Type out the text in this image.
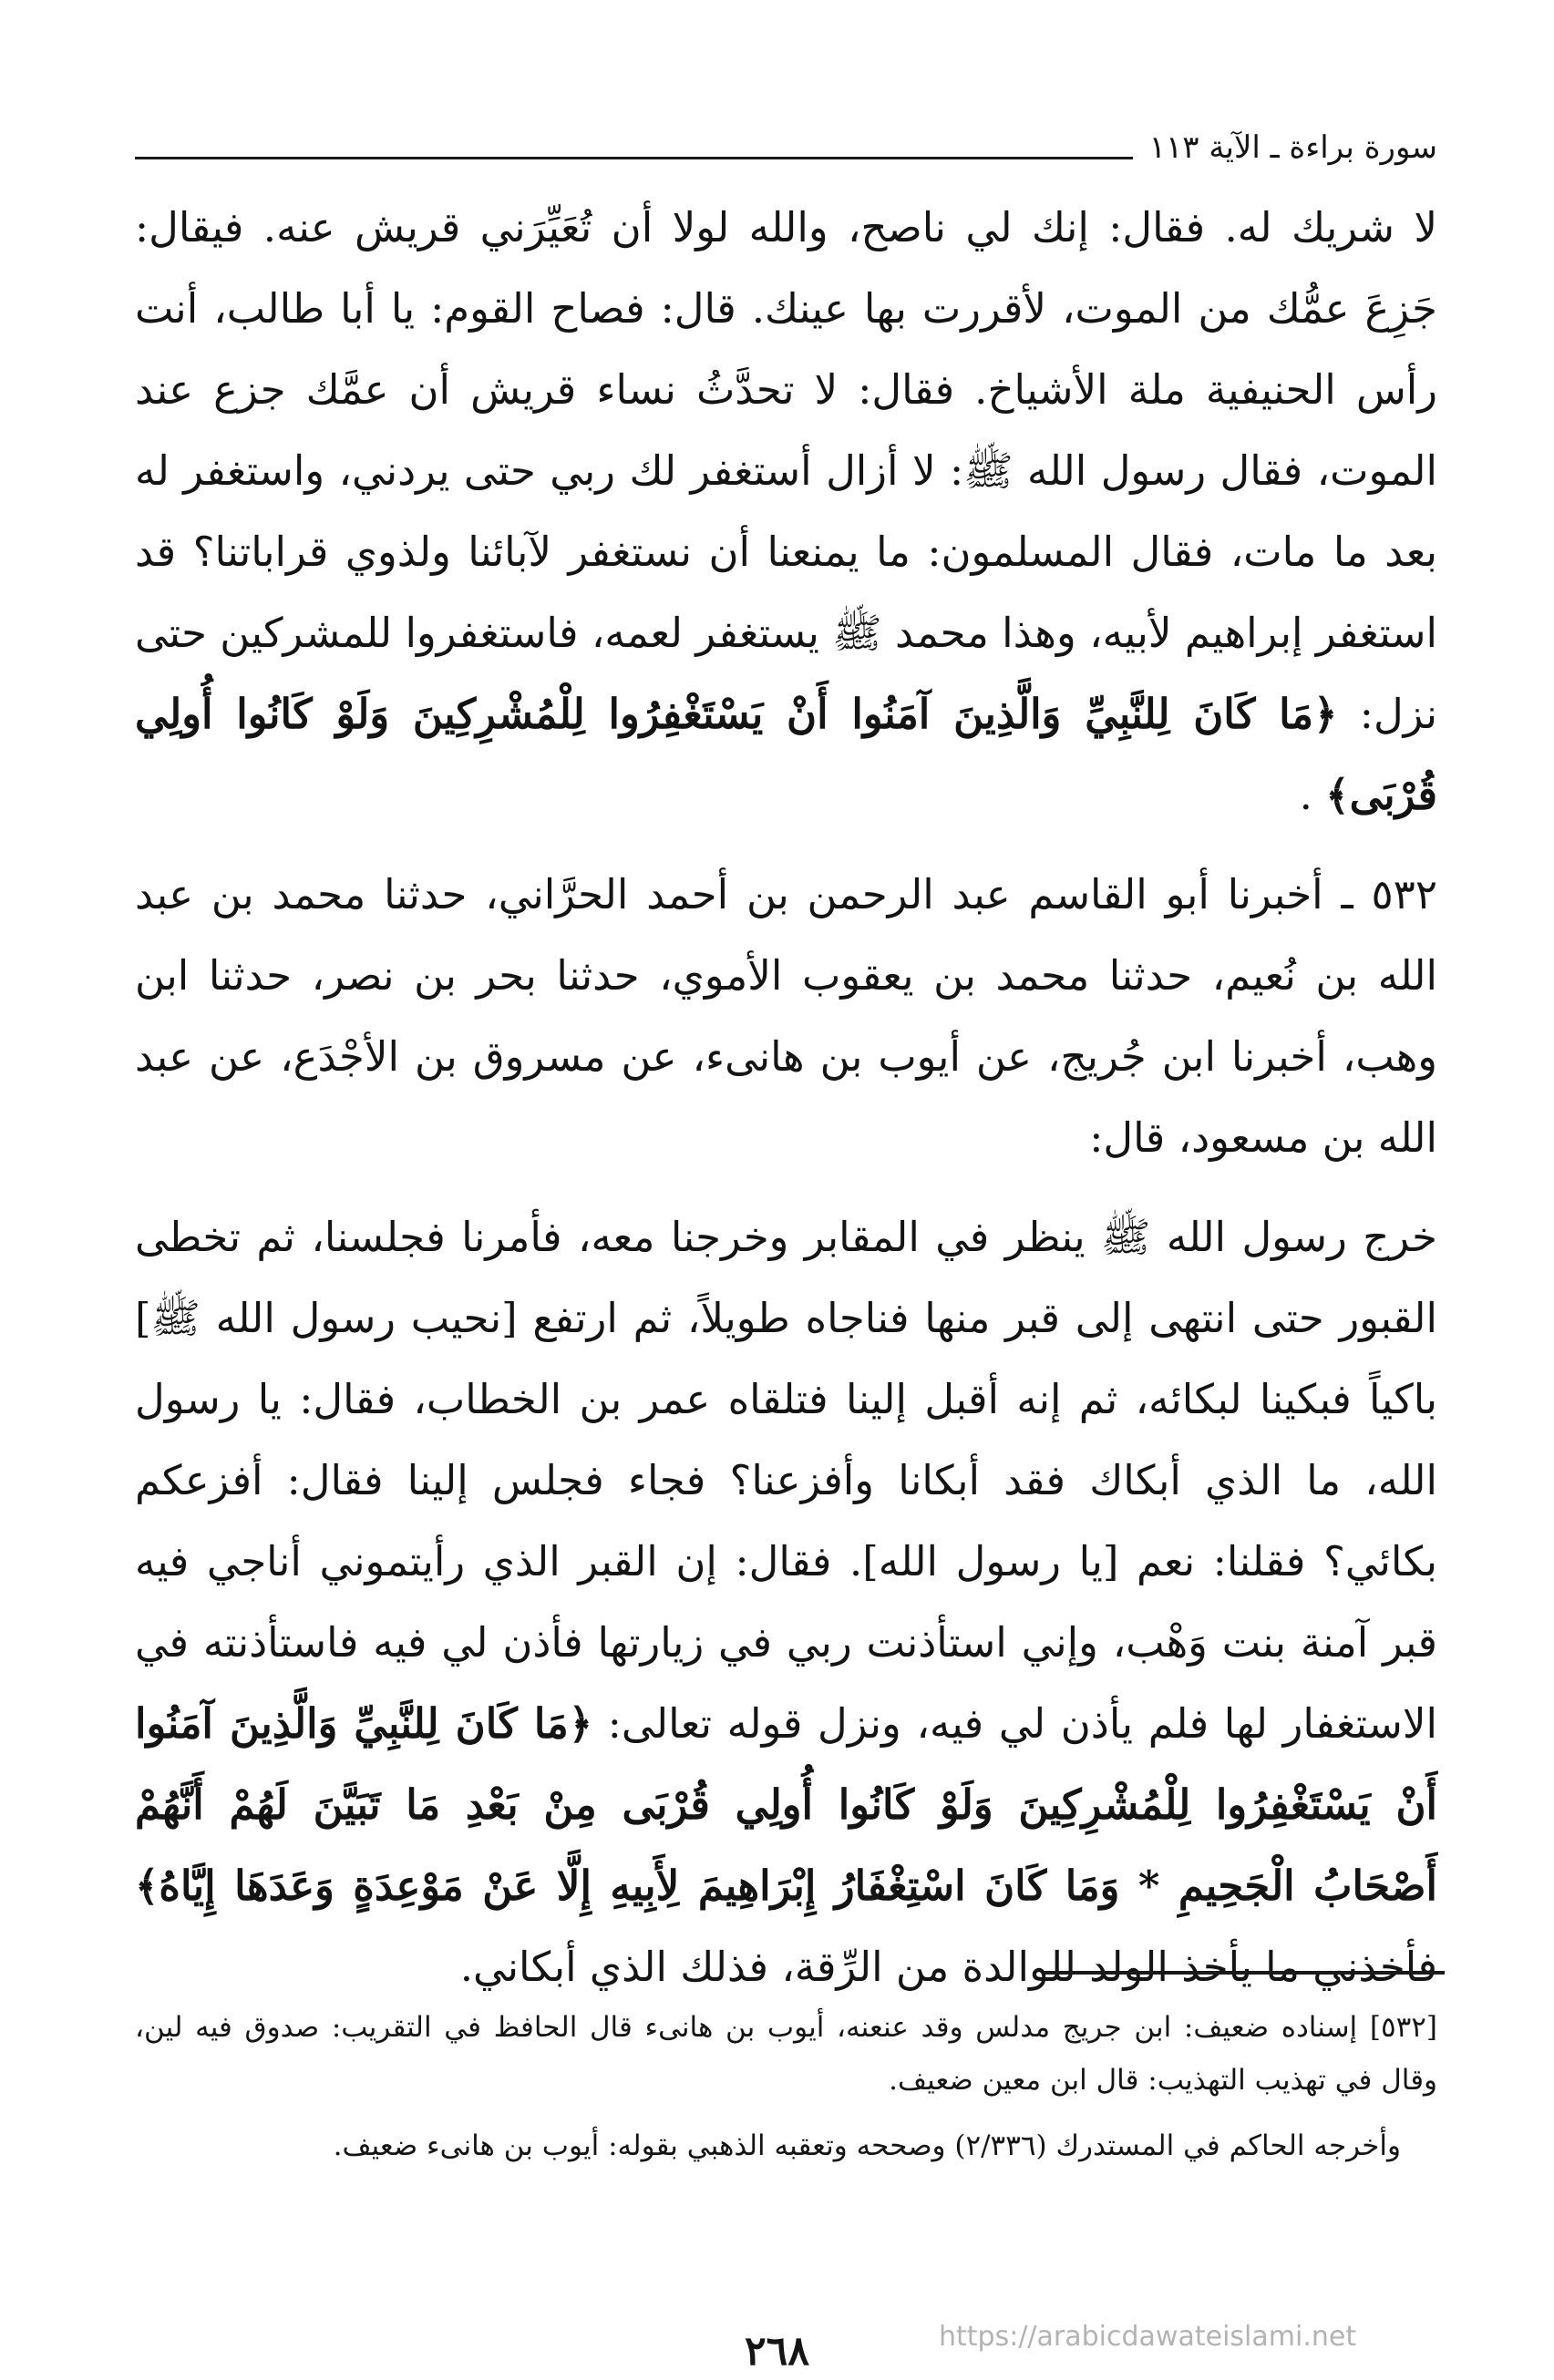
سورة براءة ـ الآية ١١٣

لا شريك له. فقال: إنك لي ناصح، والله لولا أن تُعَيِّرَني قريش عنه. فيقال: جَزِعَ عمُّك من الموت، لأقررت بها عينك. قال: فصاح القوم: يا أبا طالب، أنت رأس الحنيفية ملة الأشياخ. فقال: لا تحدَّثُ نساء قريش أن عمَّك جزع عند الموت، فقال رسول الله ﷺ: لا أزال أستغفر لك ربي حتى يردني، واستغفر له بعد ما مات، فقال المسلمون: ما يمنعنا أن نستغفر لآبائنا ولذوي قراباتنا؟ قد استغفر إبراهيم لأبيه، وهذا محمد ﷺ يستغفر لعمه، فاستغفروا للمشركين حتى نزل: ﴿مَا كَانَ لِلنَّبِيِّ وَالَّذِينَ آمَنُوا أَنْ يَسْتَغْفِرُوا لِلْمُشْرِكِينَ وَلَوْ كَانُوا أُولِي قُرْبَى﴾ .

٥٣٢ ـ أخبرنا أبو القاسم عبد الرحمن بن أحمد الحرَّاني، حدثنا محمد بن عبد الله بن نُعيم، حدثنا محمد بن يعقوب الأموي، حدثنا بحر بن نصر، حدثنا ابن وهب، أخبرنا ابن جُريج، عن أيوب بن هانىء، عن مسروق بن الأجْدَع، عن عبد الله بن مسعود، قال:

خرج رسول الله ﷺ ينظر في المقابر وخرجنا معه، فأمرنا فجلسنا، ثم تخطى القبور حتى انتهى إلى قبر منها فناجاه طويلاً، ثم ارتفع [نحيب رسول الله ﷺ] باكياً فبكينا لبكائه، ثم إنه أقبل إلينا فتلقاه عمر بن الخطاب، فقال: يا رسول الله، ما الذي أبكاك فقد أبكانا وأفزعنا؟ فجاء فجلس إلينا فقال: أفزعكم بكائي؟ فقلنا: نعم [يا رسول الله]. فقال: إن القبر الذي رأيتموني أناجي فيه قبر آمنة بنت وَهْب، وإني استأذنت ربي في زيارتها فأذن لي فيه فاستأذنته في الاستغفار لها فلم يأذن لي فيه، ونزل قوله تعالى: ﴿مَا كَانَ لِلنَّبِيِّ وَالَّذِينَ آمَنُوا أَنْ يَسْتَغْفِرُوا لِلْمُشْرِكِينَ وَلَوْ كَانُوا أُولِي قُرْبَى مِنْ بَعْدِ مَا تَبَيَّنَ لَهُمْ أَنَّهُمْ أَصْحَابُ الْجَحِيمِ * وَمَا كَانَ اسْتِغْفَارُ إِبْرَاهِيمَ لِأَبِيهِ إِلَّا عَنْ مَوْعِدَةٍ وَعَدَهَا إِيَّاهُ﴾ فأخذني ما يأخذ الولد للوالدة من الرِّقة، فذلك الذي أبكاني.

[٥٣٢] إسناده ضعيف: ابن جريج مدلس وقد عنعنه، أيوب بن هانىء قال الحافظ في التقريب: صدوق فيه لين، وقال في تهذيب التهذيب: قال ابن معين ضعيف.

وأخرجه الحاكم في المستدرك (٢/٣٣٦) وصححه وتعقبه الذهبي بقوله: أيوب بن هانىء ضعيف.

٢٦٨	https://arabicdawateislami.net
